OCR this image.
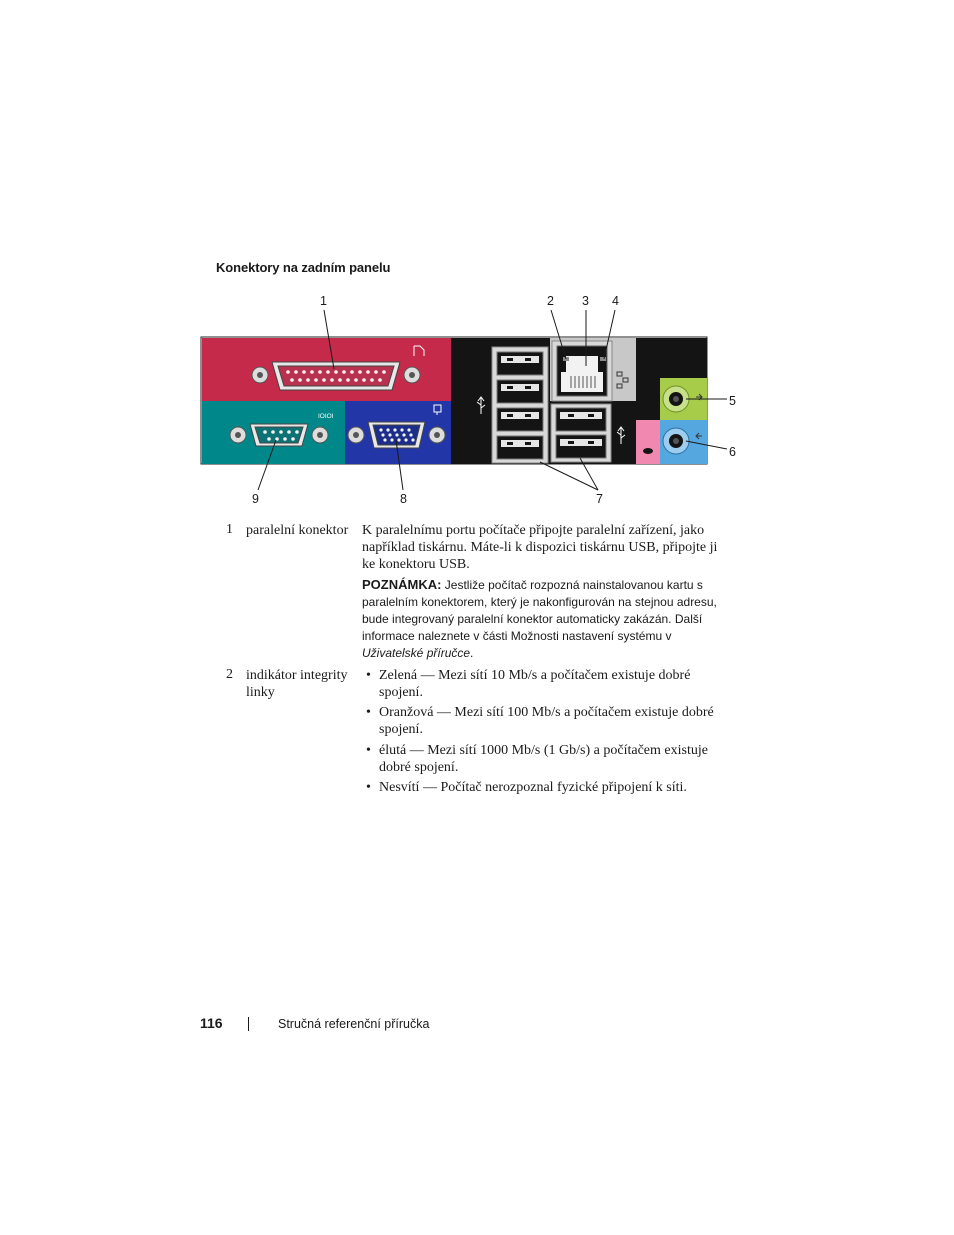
Konektory na zadním panelu
IOIOI
1	2 3 4
5
6
7
8
9
1 paralelní konektor K paralelnímu portu počítače připojte paralelní zařízení, jako například tiskárnu. Máte-li k dispozici tiskárnu USB, připojte ji ke konektoru USB.
POZNÁMKA: Jestliže počítač rozpozná nainstalovanou kartu s paralelním konektorem, který je nakonfigurován na stejnou adresu, bude integrovaný paralelní konektor automaticky zakázán. Další informace naleznete v části Možnosti nastavení systému v Uživatelské příručce.
2 indikátor integrity linky
• Zelená — Mezi sítí 10 Mb/s a počítačem existuje dobré spojení.
• Oranžová — Mezi sítí 100 Mb/s a počítačem existuje dobré spojení.
• élutá — Mezi sítí 1000 Mb/s (1 Gb/s) a počítačem existuje dobré spojení.
• Nesvítí — Počítač nerozpoznal fyzické připojení k síti.
116	Stručná referenční příručka
